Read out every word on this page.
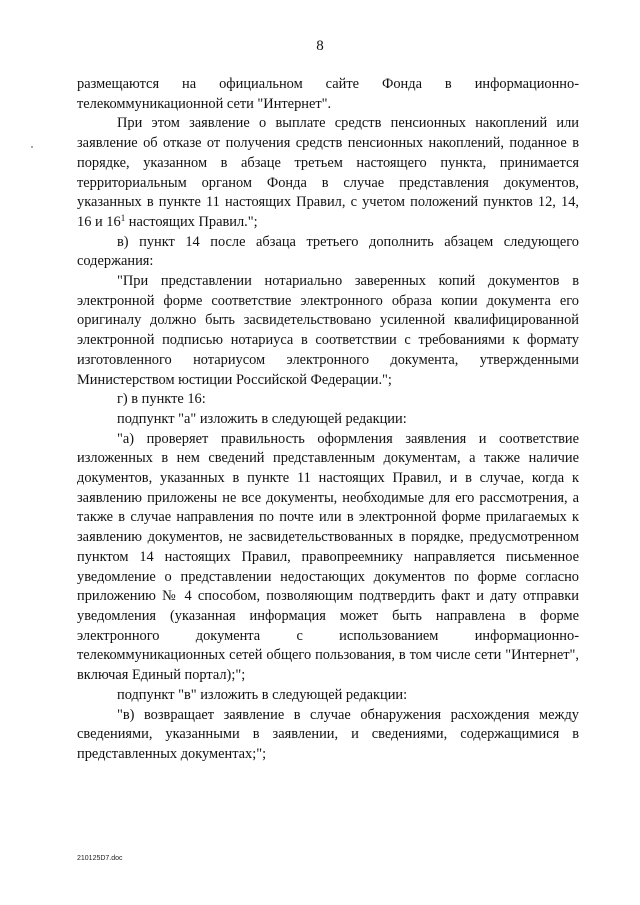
8

размещаются на официальном сайте Фонда в информационно-телекоммуникационной сети "Интернет".

При этом заявление о выплате средств пенсионных накоплений или заявление об отказе от получения средств пенсионных накоплений, поданное в порядке, указанном в абзаце третьем настоящего пункта, принимается территориальным органом Фонда в случае представления документов, указанных в пункте 11 настоящих Правил, с учетом положений пунктов 12, 14, 16 и $16^1$ настоящих Правил.";

в) пункт 14 после абзаца третьего дополнить абзацем следующего содержания:

"При представлении нотариально заверенных копий документов в электронной форме соответствие электронного образа копии документа его оригиналу должно быть засвидетельствовано усиленной квалифицированной электронной подписью нотариуса в соответствии с требованиями к формату изготовленного нотариусом электронного документа, утвержденными Министерством юстиции Российской Федерации.";

г) в пункте 16:

подпункт "а" изложить в следующей редакции:

"а) проверяет правильность оформления заявления и соответствие изложенных в нем сведений представленным документам, а также наличие документов, указанных в пункте 11 настоящих Правил, и в случае, когда к заявлению приложены не все документы, необходимые для его рассмотрения, а также в случае направления по почте или в электронной форме прилагаемых к заявлению документов, не засвидетельствованных в порядке, предусмотренном пунктом 14 настоящих Правил, правопреемнику направляется письменное уведомление о представлении недостающих документов по форме согласно приложению № 4 способом, позволяющим подтвердить факт и дату отправки уведомления (указанная информация может быть направлена в форме электронного документа с использованием информационно-телекоммуникационных сетей общего пользования, в том числе сети "Интернет", включая Единый портал);";

подпункт "в" изложить в следующей редакции:

"в) возвращает заявление в случае обнаружения расхождения между сведениями, указанными в заявлении, и сведениями, содержащимися в представленных документах;";

210125D7.doc
